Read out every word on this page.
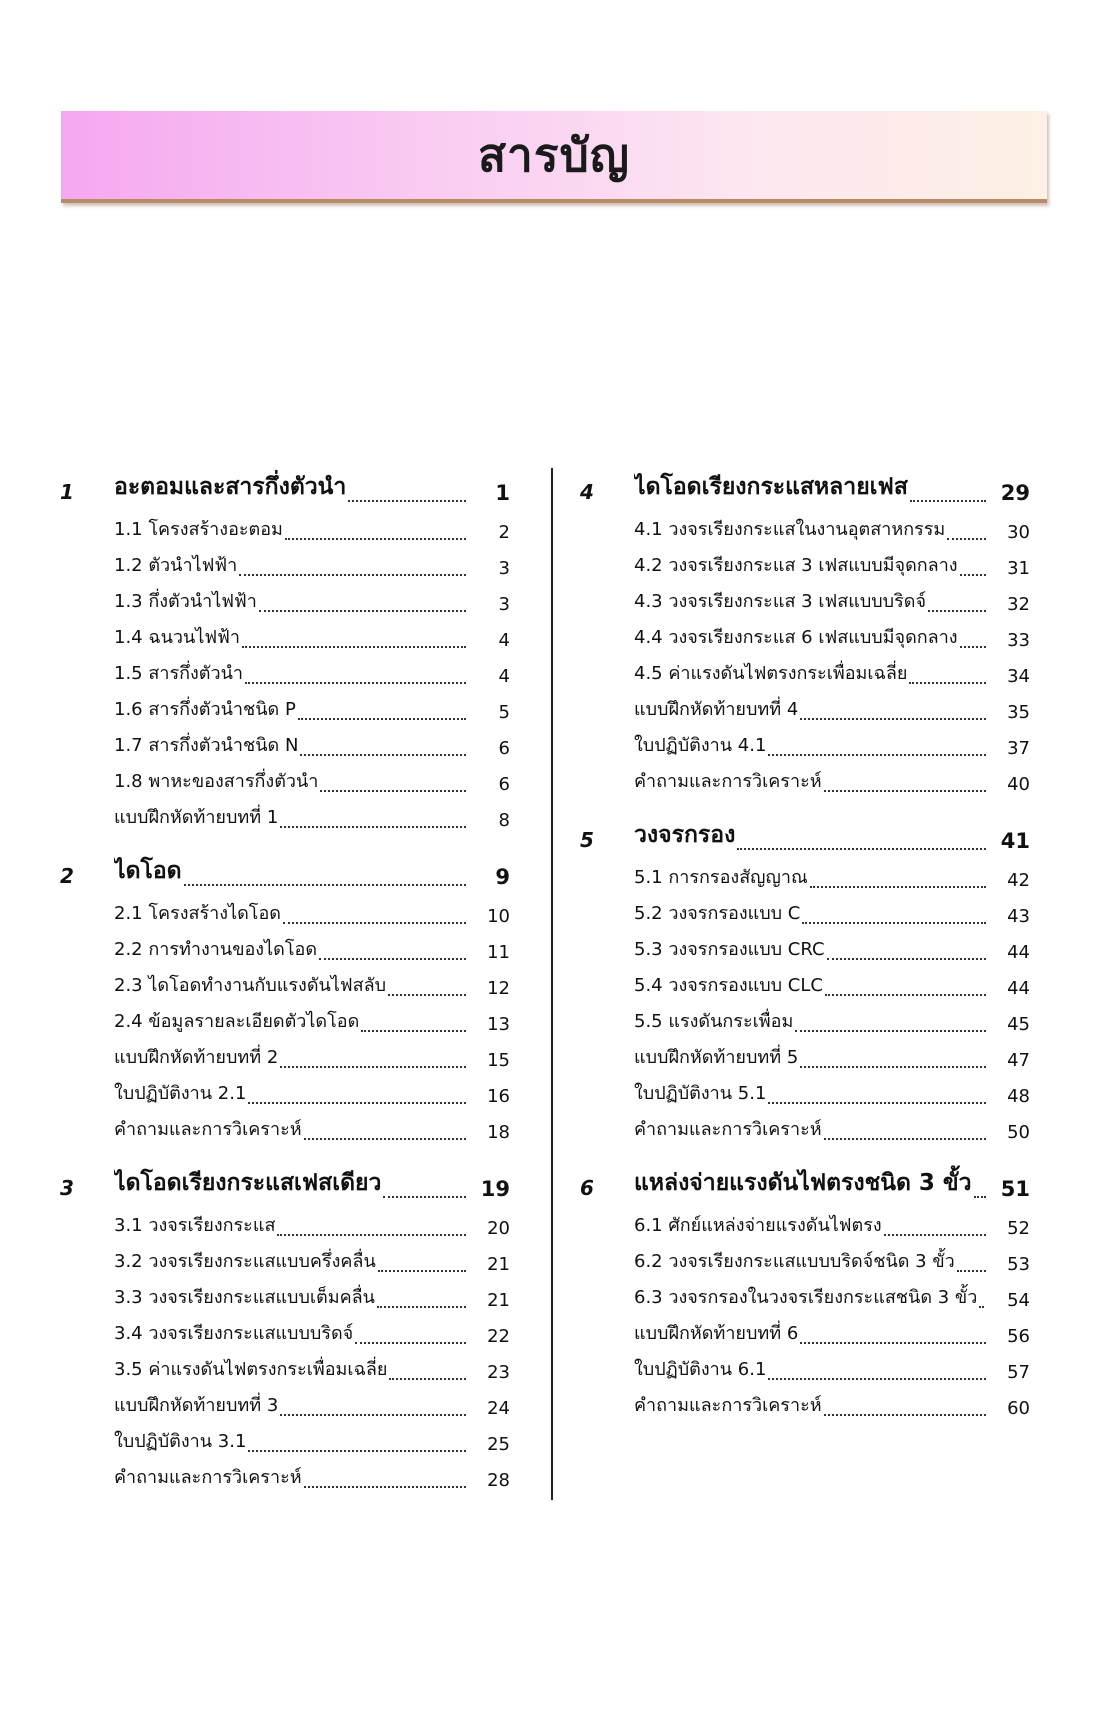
สารบัญ
1	อะตอมและสารกึ่งตัวนำ	1
1.1 โครงสร้างอะตอม	2
1.2 ตัวนำไฟฟ้า	3
1.3 กึ่งตัวนำไฟฟ้า	3
1.4 ฉนวนไฟฟ้า	4
1.5 สารกึ่งตัวนำ	4
1.6 สารกึ่งตัวนำชนิด P	5
1.7 สารกึ่งตัวนำชนิด N	6
1.8 พาหะของสารกึ่งตัวนำ	6
แบบฝึกหัดท้ายบทที่ 1	8
2	ไดโอด	9
2.1 โครงสร้างไดโอด	10
2.2 การทำงานของไดโอด	11
2.3 ไดโอดทำงานกับแรงดันไฟสลับ	12
2.4 ข้อมูลรายละเอียดตัวไดโอด	13
แบบฝึกหัดท้ายบทที่ 2	15
ใบปฏิบัติงาน 2.1	16
คำถามและการวิเคราะห์	18
3	ไดโอดเรียงกระแสเฟสเดียว	19
3.1 วงจรเรียงกระแส	20
3.2 วงจรเรียงกระแสแบบครึ่งคลื่น	21
3.3 วงจรเรียงกระแสแบบเต็มคลื่น	21
3.4 วงจรเรียงกระแสแบบบริดจ์	22
3.5 ค่าแรงดันไฟตรงกระเพื่อมเฉลี่ย	23
แบบฝึกหัดท้ายบทที่ 3	24
ใบปฏิบัติงาน 3.1	25
คำถามและการวิเคราะห์	28
4	ไดโอดเรียงกระแสหลายเฟส	29
4.1 วงจรเรียงกระแสในงานอุตสาหกรรม	30
4.2 วงจรเรียงกระแส 3 เฟสแบบมีจุดกลาง	31
4.3 วงจรเรียงกระแส 3 เฟสแบบบริดจ์	32
4.4 วงจรเรียงกระแส 6 เฟสแบบมีจุดกลาง	33
4.5 ค่าแรงดันไฟตรงกระเพื่อมเฉลี่ย	34
แบบฝึกหัดท้ายบทที่ 4	35
ใบปฏิบัติงาน 4.1	37
คำถามและการวิเคราะห์	40
5	วงจรกรอง	41
5.1 การกรองสัญญาณ	42
5.2 วงจรกรองแบบ C	43
5.3 วงจรกรองแบบ CRC	44
5.4 วงจรกรองแบบ CLC	44
5.5 แรงดันกระเพื่อม	45
แบบฝึกหัดท้ายบทที่ 5	47
ใบปฏิบัติงาน 5.1	48
คำถามและการวิเคราะห์	50
6	แหล่งจ่ายแรงดันไฟตรงชนิด 3 ขั้ว	51
6.1 ศักย์แหล่งจ่ายแรงดันไฟตรง	52
6.2 วงจรเรียงกระแสแบบบริดจ์ชนิด 3 ขั้ว	53
6.3 วงจรกรองในวงจรเรียงกระแสชนิด 3 ขั้ว	54
แบบฝึกหัดท้ายบทที่ 6	56
ใบปฏิบัติงาน 6.1	57
คำถามและการวิเคราะห์	60
